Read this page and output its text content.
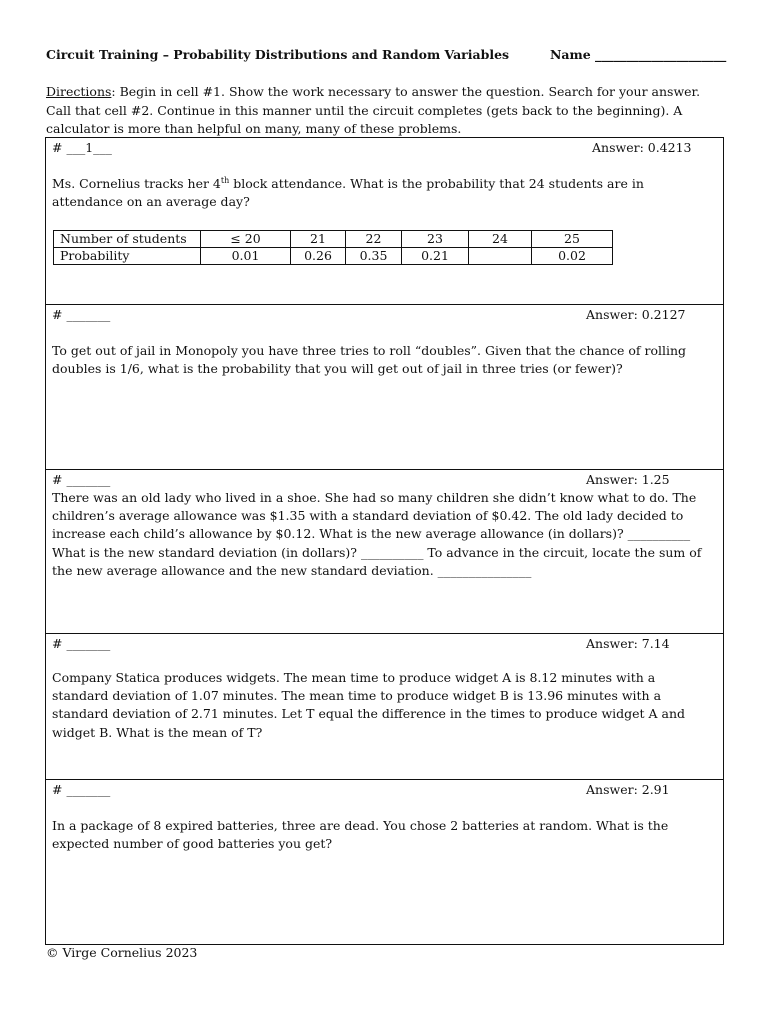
Circuit Training – Probability Distributions and Random Variables	Name _____________________
Directions: Begin in cell #1. Show the work necessary to answer the question. Search for your answer. Call that cell #2. Continue in this manner until the circuit completes (gets back to the beginning). A calculator is more than helpful on many, many of these problems.
# ___1___	Answer: 0.4213
Ms. Cornelius tracks her 4th block attendance. What is the probability that 24 students are in attendance on an average day?
Number of students	≤ 20	21	22	23	24	25
Probability	0.01	0.26	0.35	0.21		0.02
# _______	Answer: 0.2127
To get out of jail in Monopoly you have three tries to roll “doubles”. Given that the chance of rolling doubles is 1/6, what is the probability that you will get out of jail in three tries (or fewer)?
# _______	Answer: 1.25
There was an old lady who lived in a shoe. She had so many children she didn’t know what to do. The children’s average allowance was $1.35 with a standard deviation of $0.42. The old lady decided to increase each child’s allowance by $0.12. What is the new average allowance (in dollars)? __________ What is the new standard deviation (in dollars)? __________ To advance in the circuit, locate the sum of the new average allowance and the new standard deviation. _______________
# _______	Answer: 7.14
Company Statica produces widgets. The mean time to produce widget A is 8.12 minutes with a standard deviation of 1.07 minutes. The mean time to produce widget B is 13.96 minutes with a standard deviation of 2.71 minutes. Let T equal the difference in the times to produce widget A and widget B. What is the mean of T?
# _______	Answer: 2.91
In a package of 8 expired batteries, three are dead. You chose 2 batteries at random. What is the expected number of good batteries you get?
© Virge Cornelius 2023
